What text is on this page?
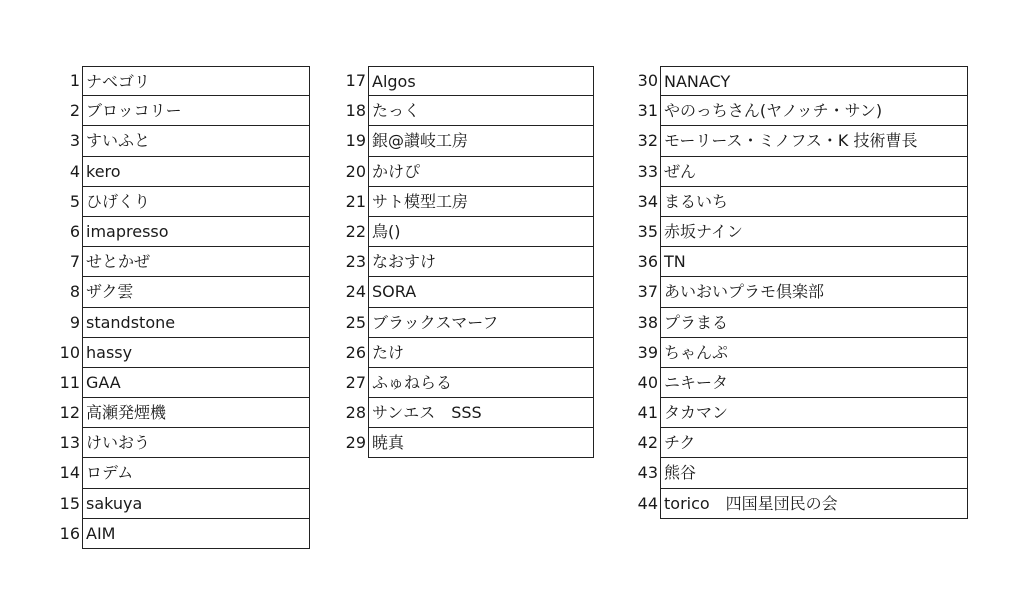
1 ナベゴリ
2 ブロッコリー
3 すいふと
4 kero
5 ひげくり
6 imapresso
7 せとかぜ
8 ザク雲
9 standstone
10 hassy
11 GAA
12 高瀬発煙機
13 けいおう
14 ロデム
15 sakuya
16 AIM
17 Algos
18 たっく
19 銀@讃岐工房
20 かけぴ
21 サト模型工房
22 鳥()
23 なおすけ
24 SORA
25 ブラックスマーフ
26 たけ
27 ふゅねらる
28 サンエス　SSS
29 暁真
30 NANACY
31 やのっちさん(ヤノッチ・サン)
32 モーリース・ミノフス・K 技術曹長
33 ぜん
34 まるいち
35 赤坂ナイン
36 TN
37 あいおいプラモ倶楽部
38 プラまる
39 ちゃんぷ
40 ニキータ
41 タカマン
42 チク
43 熊谷
44 torico　四国星団民の会
